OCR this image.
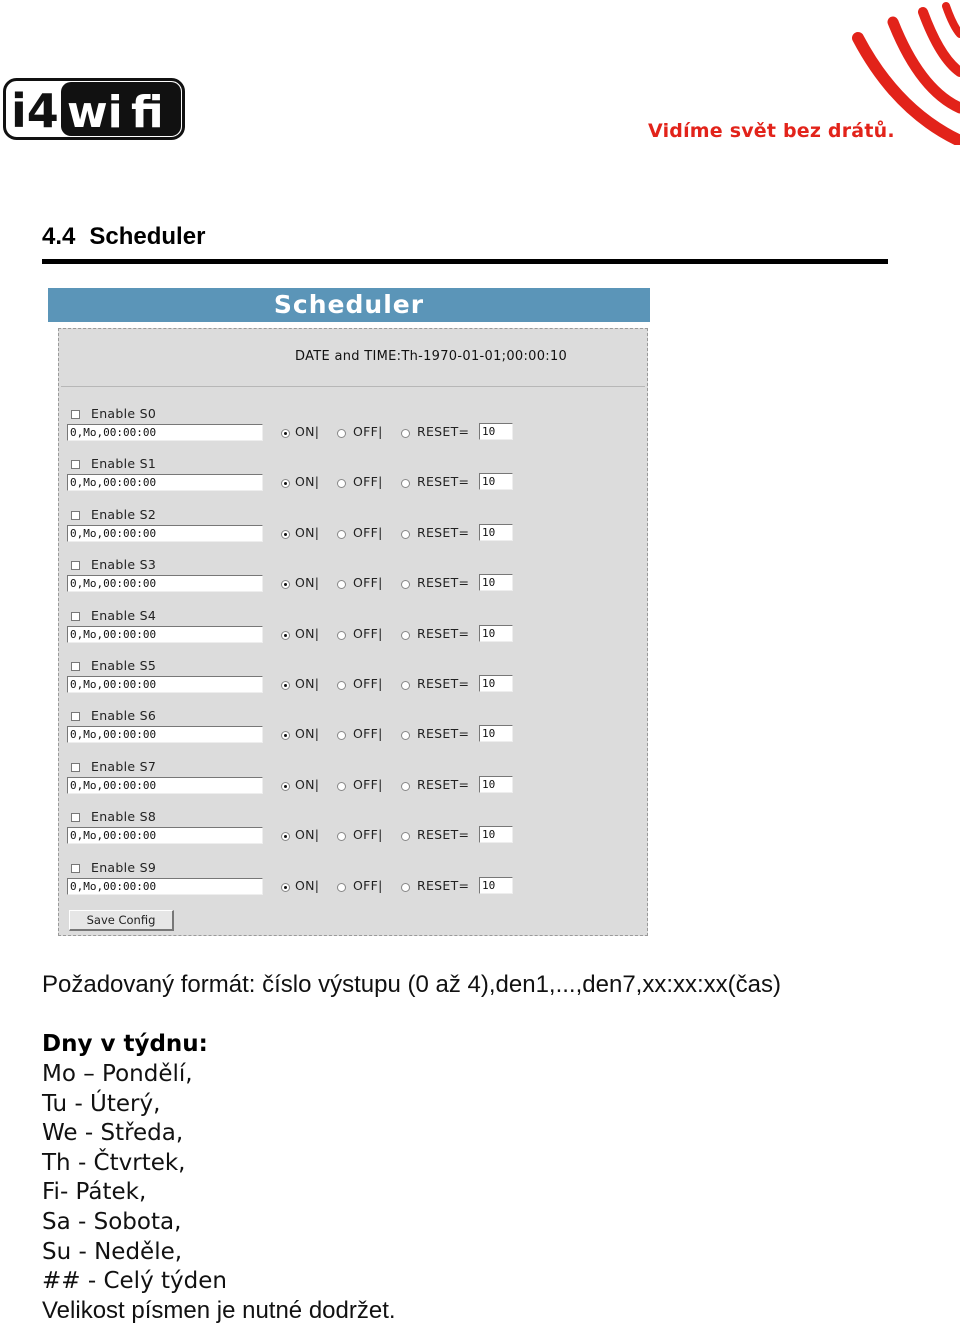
i4 wi fi	Vidíme svět bez drátů.
4.4 Scheduler
Scheduler
DATE and TIME:Th-1970-01-01;00:00:10
Enable S0
0,Mo,00:00:00
ON|	OFF|	RESET=
10
Enable S1
0,Mo,00:00:00
ON|	OFF|	RESET=
10
Enable S2
0,Mo,00:00:00
ON|	OFF|	RESET=
10
Enable S3
0,Mo,00:00:00
ON|	OFF|	RESET=
10
Enable S4
0,Mo,00:00:00
ON|	OFF|	RESET=
10
Enable S5
0,Mo,00:00:00
ON|	OFF|	RESET=
10
Enable S6
0,Mo,00:00:00
ON|	OFF|	RESET=
10
Enable S7
0,Mo,00:00:00
ON|	OFF|	RESET=
10
Enable S8
0,Mo,00:00:00
ON|	OFF|	RESET=
10
Enable S9
0,Mo,00:00:00
ON|	OFF|	RESET=
10
Save Config
Požadovaný formát: číslo výstupu (0 až 4),den1,...,den7,xx:xx:xx(čas)
Dny v týdnu:
Mo – Pondělí,
Tu - Úterý,
We - Středa,
Th - Čtvrtek,
Fi- Pátek,
Sa - Sobota,
Su - Neděle,
## - Celý týden
Velikost písmen je nutné dodržet.
